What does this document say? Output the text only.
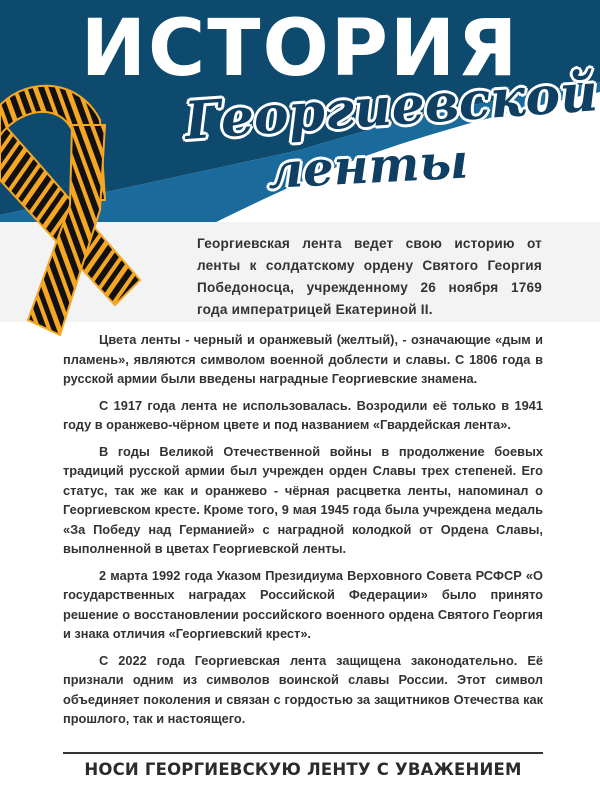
ИСТОРИЯ
Георгиевской
ленты
Георгиевская лента ведет свою историю от ленты к солдатскому ордену Святого Георгия Победоносца, учрежденному 26 ноября 1769 года императрицей Екатериной II.

Цвета ленты - черный и оранжевый (желтый), - означающие «дым и пламень», являются символом военной доблести и славы. С 1806 года в русской армии были введены наградные Георгиевские знамена.

С 1917 года лента не использовалась. Возродили её только в 1941 году в оранжево-чёрном цвете и под названием «Гвардейская лента».

В годы Великой Отечественной войны в продолжение боевых традиций русской армии был учрежден орден Славы трех степеней. Его статус, так же как и оранжево - чёрная расцветка ленты, напоминал о Георгиевском кресте. Кроме того, 9 мая 1945 года была учреждена медаль «За Победу над Германией» с наградной колодкой от Ордена Славы, выполненной в цветах Георгиевской ленты.

2 марта 1992 года Указом Президиума Верховного Совета РСФСР «О государственных наградах Российской Федерации» было принято решение о восстановлении российского военного ордена Святого Георгия и знака отличия «Георгиевский крест».

С 2022 года Георгиевская лента защищена законодательно. Её признали одним из символов воинской славы России. Этот символ объединяет поколения и связан с гордостью за защитников Отечества как прошлого, так и настоящего.

НОСИ ГЕОРГИЕВСКУЮ ЛЕНТУ С УВАЖЕНИЕМ
